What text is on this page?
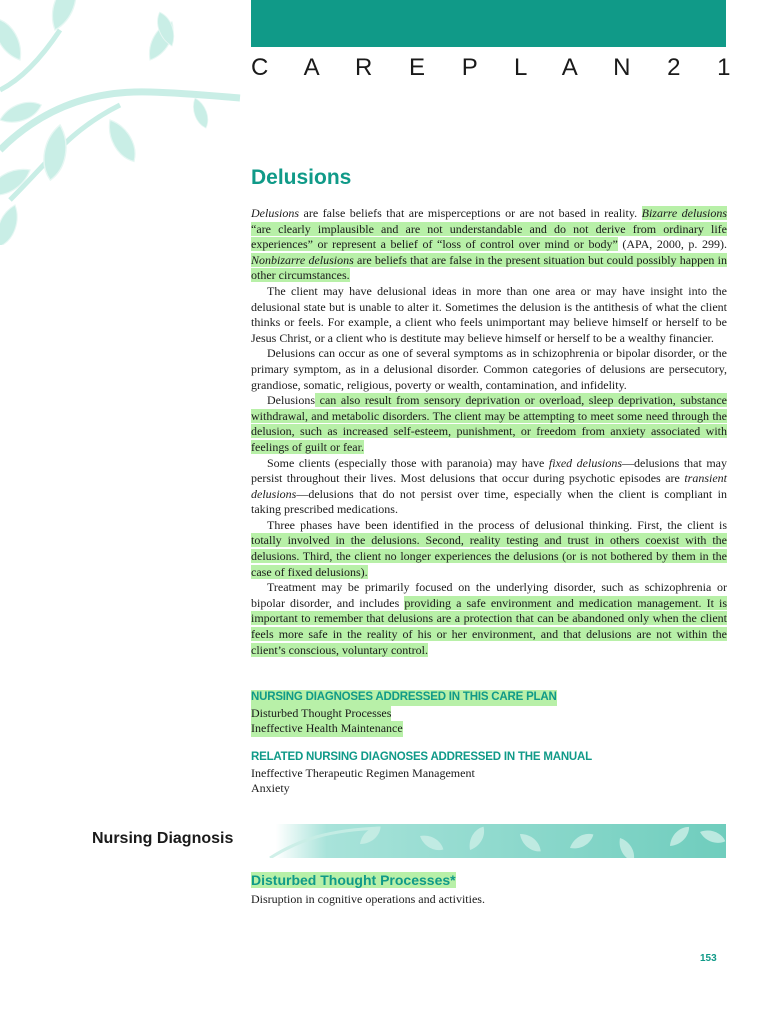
C A R E P L A N 2 1
Delusions

Delusions are false beliefs that are misperceptions or are not based in reality. Bizarre delusions “are clearly implausible and are not understandable and do not derive from ordinary life experiences” or represent a belief of “loss of control over mind or body” (APA, 2000, p. 299). Nonbizarre delusions are beliefs that are false in the present situation but could possibly happen in other circumstances.

The client may have delusional ideas in more than one area or may have insight into the delusional state but is unable to alter it. Sometimes the delusion is the antithesis of what the client thinks or feels. For example, a client who feels unimportant may believe himself or herself to be Jesus Christ, or a client who is destitute may believe himself or herself to be a wealthy financier.

Delusions can occur as one of several symptoms as in schizophrenia or bipolar disorder, or the primary symptom, as in a delusional disorder. Common categories of delusions are persecutory, grandiose, somatic, religious, poverty or wealth, contamination, and infidelity.

Delusions can also result from sensory deprivation or overload, sleep deprivation, substance withdrawal, and metabolic disorders. The client may be attempting to meet some need through the delusion, such as increased self-esteem, punishment, or freedom from anxiety associated with feelings of guilt or fear.

Some clients (especially those with paranoia) may have fixed delusions—delusions that may persist throughout their lives. Most delusions that occur during psychotic episodes are transient delusions—delusions that do not persist over time, especially when the client is compliant in taking prescribed medications.

Three phases have been identified in the process of delusional thinking. First, the client is totally involved in the delusions. Second, reality testing and trust in others coexist with the delusions. Third, the client no longer experiences the delusions (or is not bothered by them in the case of fixed delusions).

Treatment may be primarily focused on the underlying disorder, such as schizophrenia or bipolar disorder, and includes providing a safe environment and medication management. It is important to remember that delusions are a protection that can be abandoned only when the client feels more safe in the reality of his or her environment, and that delusions are not within the client’s conscious, voluntary control.

NURSING DIAGNOSES ADDRESSED IN THIS CARE PLAN
Disturbed Thought Processes
Ineffective Health Maintenance
RELATED NURSING DIAGNOSES ADDRESSED IN THE MANUAL
Ineffective Therapeutic Regimen Management
Anxiety
Nursing Diagnosis
Disturbed Thought Processes*
Disruption in cognitive operations and activities.
153
